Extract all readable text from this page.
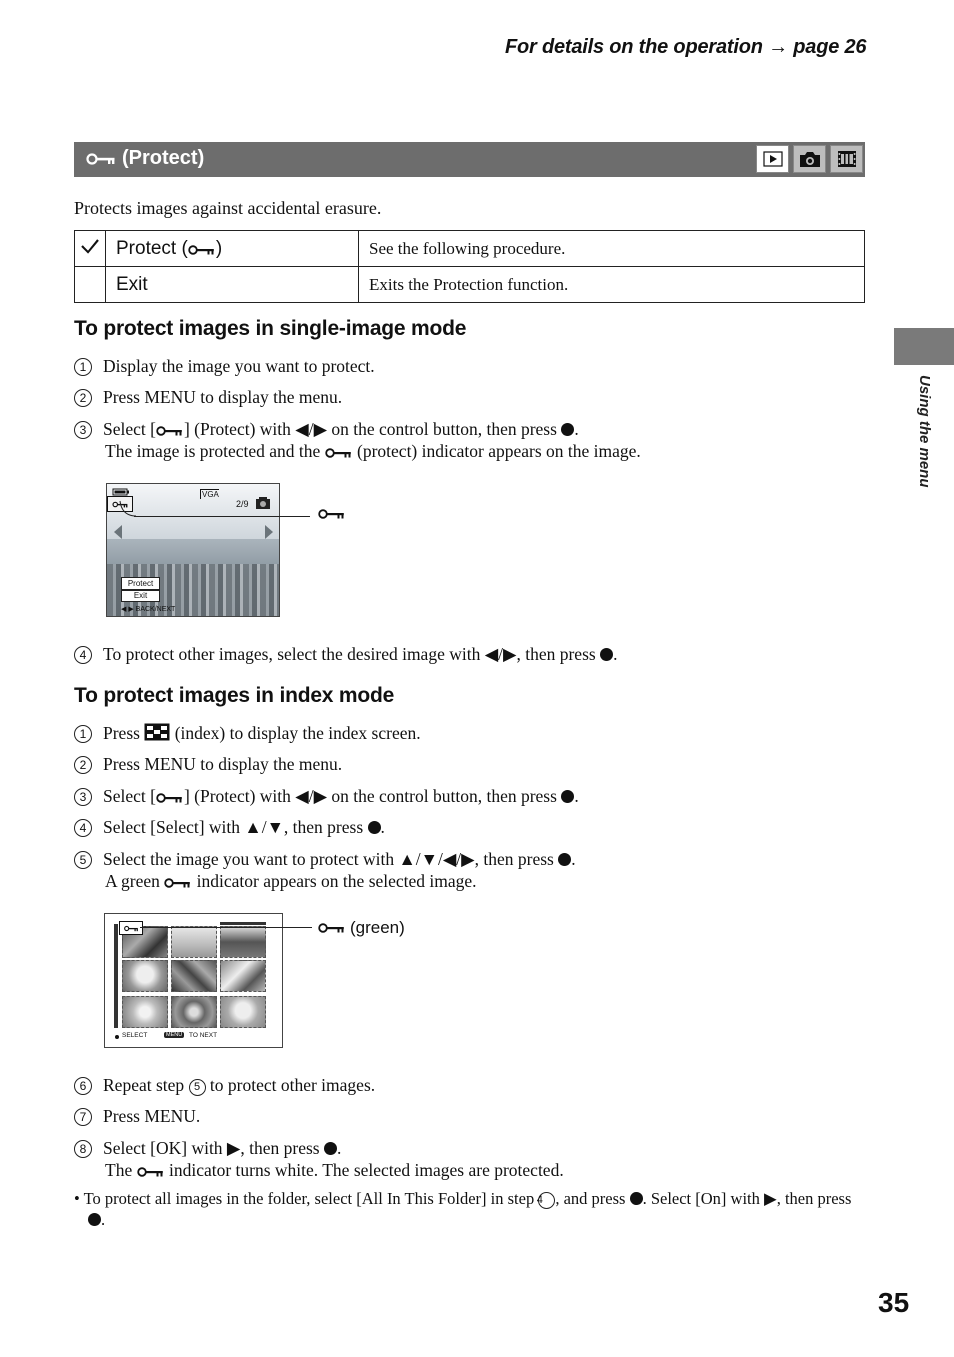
For details on the operation → page 26
(Protect)
Protects images against accidental erasure.
	Protect ( )	See the following procedure.
	Exit	Exits the Protection function.
Using the menu
To protect images in single-image mode
1 Display the image you want to protect.
2 Press MENU to display the menu.
3 Select [ ] (Protect) with ◀/▶ on the control button, then press .
The image is protected and the  (protect) indicator appears on the image.
VGA
2/9
Protect
Exit
◀ ▶ BACK/NEXT
4 To protect other images, select the desired image with ◀/▶, then press .
To protect images in index mode
1 Press  (index) to display the index screen.
2 Press MENU to display the menu.
3 Select [ ] (Protect) with ◀/▶ on the control button, then press .
4 Select [Select] with ▲/▼, then press .
5 Select the image you want to protect with ▲/▼/◀/▶, then press .
A green  indicator appears on the selected image.
SELECT	MENU	TO NEXT
(green)
6 Repeat step 5 to protect other images.
7 Press MENU.
8 Select [OK] with ▶, then press .
The  indicator turns white. The selected images are protected.
• To protect all images in the folder, select [All In This Folder] in step 4 , and press . Select [On] with ▶, then press .
35
